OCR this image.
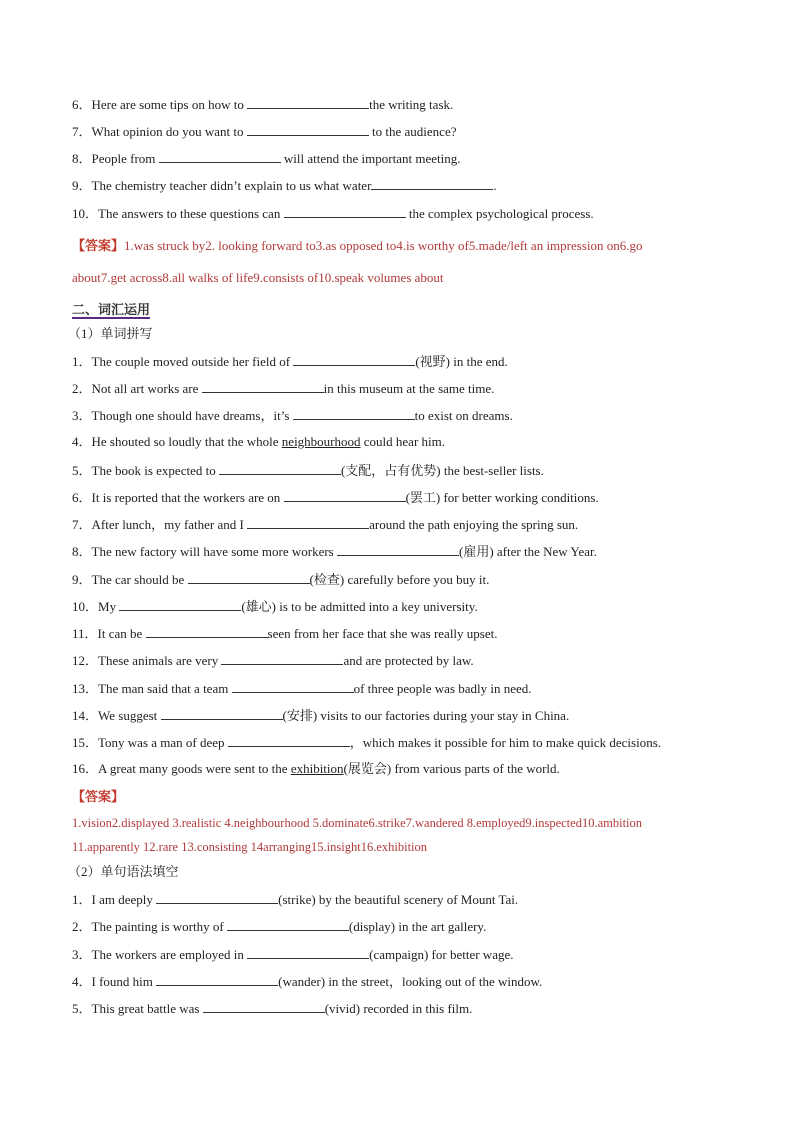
6．Here are some tips on how to	the writing task.
7．What opinion do you want to	to the audience?
8．People from	will attend the important meeting.
9．The chemistry teacher didn’t explain to us what water	.
10．The answers to these questions can	the complex psychological process.
【答案】1.was struck by2. looking forward to3.as opposed to4.is worthy of5.made/left an impression on6.go
about7.get across8.all walks of life9.consists of10.speak volumes about
二、词汇运用
（1）单词拼写
1．The couple moved outside her field of	(视野) in the end.
2．Not all art works are	in this museum at the same time.
3．Though one should have dreams，it’s	to exist on dreams.
4．He shouted so loudly that the whole neighbourhood could hear him.
5．The book is expected to	(支配，占有优势) the best-seller lists.
6．It is reported that the workers are on	(罢工) for better working conditions.
7．After lunch，my father and I	around the path enjoying the spring sun.
8．The new factory will have some more workers	(雇用) after the New Year.
9．The car should be	(检查) carefully before you buy it.
10．My	(雄心) is to be admitted into a key university.
11．It can be	seen from her face that she was really upset.
12．These animals are very	and are protected by law.
13．The man said that a team	of three people was badly in need.
14．We suggest	(安排) visits to our factories during your stay in China.
15．Tony was a man of deep	，which makes it possible for him to make quick decisions.
16．A great many goods were sent to the exhibition(展览会) from various parts of the world.
【答案】
1.vision2.displayed 3.realistic 4.neighbourhood 5.dominate6.strike7.wandered 8.employed9.inspected10.ambition
11.apparently 12.rare 13.consisting 14arranging15.insight16.exhibition
（2）单句语法填空
1．I am deeply	(strike) by the beautiful scenery of Mount Tai.
2．The painting is worthy of	(display) in the art gallery.
3．The workers are employed in	(campaign) for better wage.
4．I found him	(wander) in the street，looking out of the window.
5．This great battle was	(vivid) recorded in this film.
